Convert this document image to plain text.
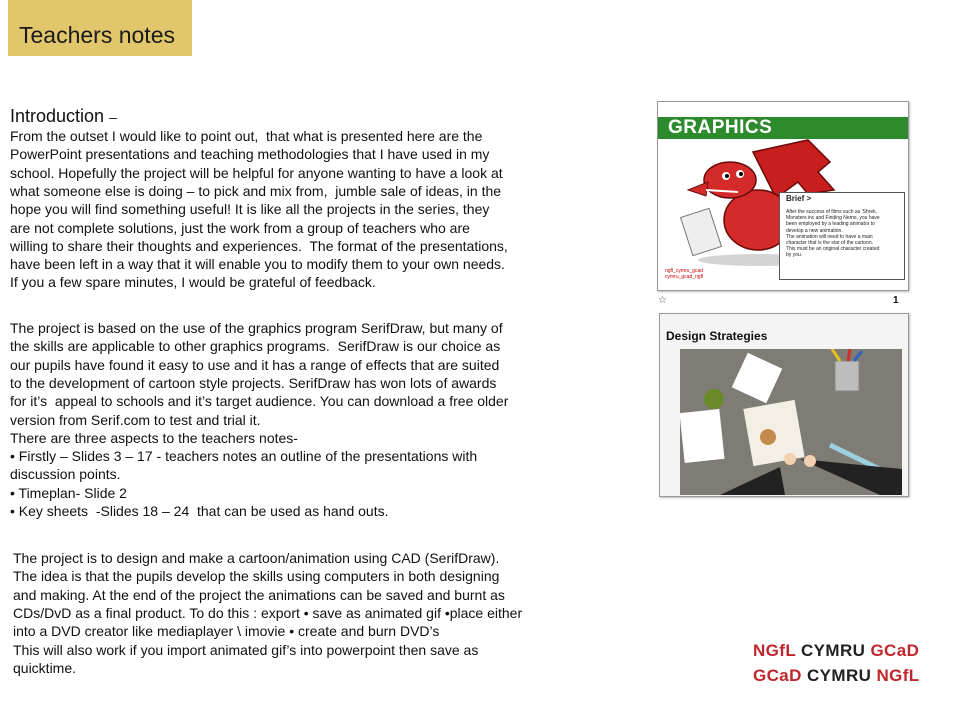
Teachers notes
Introduction –
From the outset I would like to point out,  that what is presented here are the
PowerPoint presentations and teaching methodologies that I have used in my
school. Hopefully the project will be helpful for anyone wanting to have a look at
what someone else is doing – to pick and mix from,  jumble sale of ideas, in the
hope you will find something useful! It is like all the projects in the series, they
are not complete solutions, just the work from a group of teachers who are
willing to share their thoughts and experiences.  The format of the presentations,
have been left in a way that it will enable you to modify them to your own needs.
If you a few spare minutes, I would be grateful of feedback.
The project is based on the use of the graphics program SerifDraw, but many of
the skills are applicable to other graphics programs.  SerifDraw is our choice as
our pupils have found it easy to use and it has a range of effects that are suited
to the development of cartoon style projects. SerifDraw has won lots of awards
for it’s  appeal to schools and it’s target audience. You can download a free older
version from Serif.com to test and trial it.
There are three aspects to the teachers notes-
• Firstly – Slides 3 – 17 - teachers notes an outline of the presentations with
discussion points.
• Timeplan- Slide 2
• Key sheets  -Slides 18 – 24  that can be used as hand outs.
The project is to design and make a cartoon/animation using CAD (SerifDraw).
The idea is that the pupils develop the skills using computers in both designing
and making. At the end of the project the animations can be saved and burnt as
CDs/DvD as a final product. To do this : export • save as animated gif •place either
into a DVD creator like mediaplayer \ imovie • create and burn DVD’s
This will also work if you import animated gif’s into powerpoint then save as
quicktime.
GRAPHICS
Brief >
After the success of films such as 'Shrek,
Monsters inc and Finding Nemo, you have
been employed by a leading animator to
develop a new animation.
The animation will need to have a main
character that is the star of the cartoon.
This must be an original character created
by you.
ngfl_cymru_gcad
cymru_gcad_ngfl
☆	1
Design Strategies
NGfL CYMRU GCaD
GCaD CYMRU NGfL
